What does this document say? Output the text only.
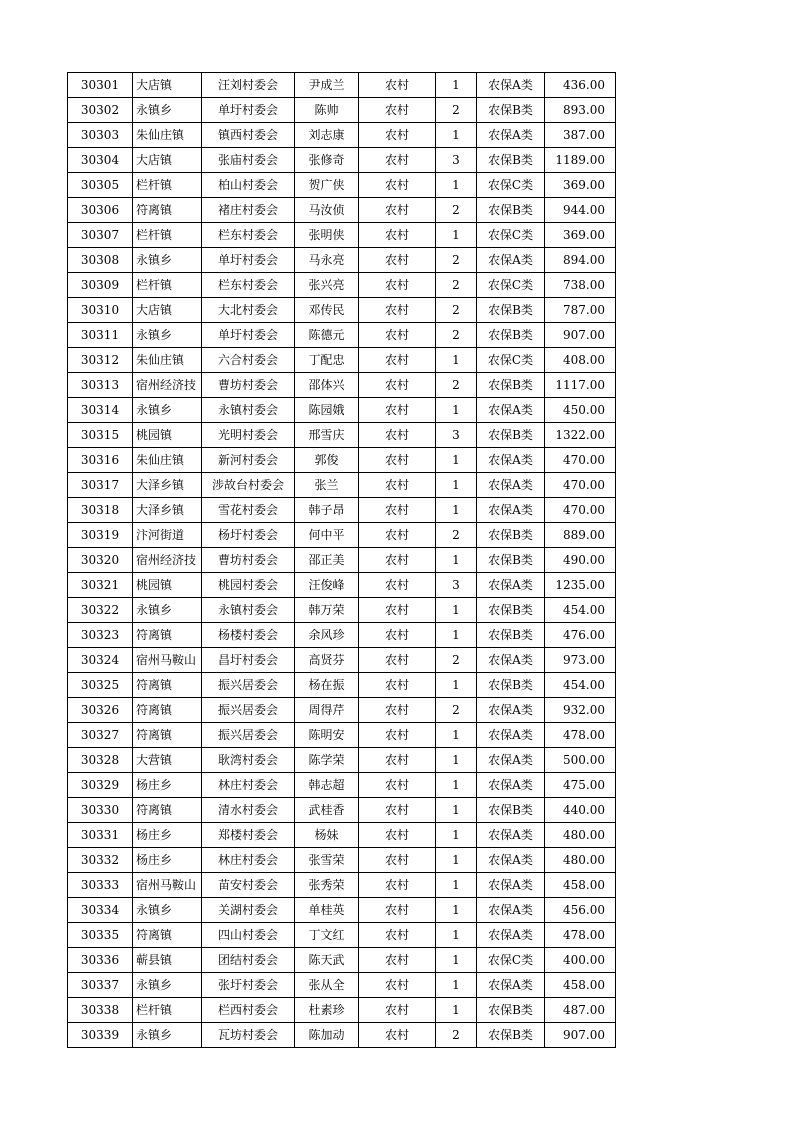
30301	大店镇	汪刘村委会	尹成兰	农村	1	农保A类	436.00
30302	永镇乡	单圩村委会	陈帅	农村	2	农保B类	893.00
30303	朱仙庄镇	镇西村委会	刘志康	农村	1	农保A类	387.00
30304	大店镇	张庙村委会	张修奇	农村	3	农保B类	1189.00
30305	栏杆镇	柏山村委会	贺广侠	农村	1	农保C类	369.00
30306	符离镇	褚庄村委会	马汝侦	农村	2	农保B类	944.00
30307	栏杆镇	栏东村委会	张明侠	农村	1	农保C类	369.00
30308	永镇乡	单圩村委会	马永亮	农村	2	农保A类	894.00
30309	栏杆镇	栏东村委会	张兴亮	农村	2	农保C类	738.00
30310	大店镇	大北村委会	邓传民	农村	2	农保B类	787.00
30311	永镇乡	单圩村委会	陈德元	农村	2	农保B类	907.00
30312	朱仙庄镇	六合村委会	丁配忠	农村	1	农保C类	408.00
30313	宿州经济技	曹坊村委会	邵体兴	农村	2	农保B类	1117.00
30314	永镇乡	永镇村委会	陈园娥	农村	1	农保A类	450.00
30315	桃园镇	光明村委会	邢雪庆	农村	3	农保B类	1322.00
30316	朱仙庄镇	新河村委会	郭俊	农村	1	农保A类	470.00
30317	大泽乡镇	涉故台村委会	张兰	农村	1	农保A类	470.00
30318	大泽乡镇	雪花村委会	韩子昂	农村	1	农保A类	470.00
30319	汴河街道	杨圩村委会	何中平	农村	2	农保B类	889.00
30320	宿州经济技	曹坊村委会	邵正美	农村	1	农保B类	490.00
30321	桃园镇	桃园村委会	汪俊峰	农村	3	农保A类	1235.00
30322	永镇乡	永镇村委会	韩万荣	农村	1	农保B类	454.00
30323	符离镇	杨楼村委会	余风珍	农村	1	农保B类	476.00
30324	宿州马鞍山	昌圩村委会	高贤芬	农村	2	农保A类	973.00
30325	符离镇	振兴居委会	杨在振	农村	1	农保B类	454.00
30326	符离镇	振兴居委会	周得芹	农村	2	农保A类	932.00
30327	符离镇	振兴居委会	陈明安	农村	1	农保A类	478.00
30328	大营镇	耿湾村委会	陈学荣	农村	1	农保A类	500.00
30329	杨庄乡	林庄村委会	韩志超	农村	1	农保A类	475.00
30330	符离镇	清水村委会	武桂香	农村	1	农保B类	440.00
30331	杨庄乡	郑楼村委会	杨妹	农村	1	农保A类	480.00
30332	杨庄乡	林庄村委会	张雪荣	农村	1	农保A类	480.00
30333	宿州马鞍山	苗安村委会	张秀荣	农村	1	农保A类	458.00
30334	永镇乡	关湖村委会	单桂英	农村	1	农保A类	456.00
30335	符离镇	四山村委会	丁文红	农村	1	农保A类	478.00
30336	蕲县镇	团结村委会	陈天武	农村	1	农保C类	400.00
30337	永镇乡	张圩村委会	张从全	农村	1	农保A类	458.00
30338	栏杆镇	栏西村委会	杜素珍	农村	1	农保B类	487.00
30339	永镇乡	瓦坊村委会	陈加动	农村	2	农保B类	907.00
